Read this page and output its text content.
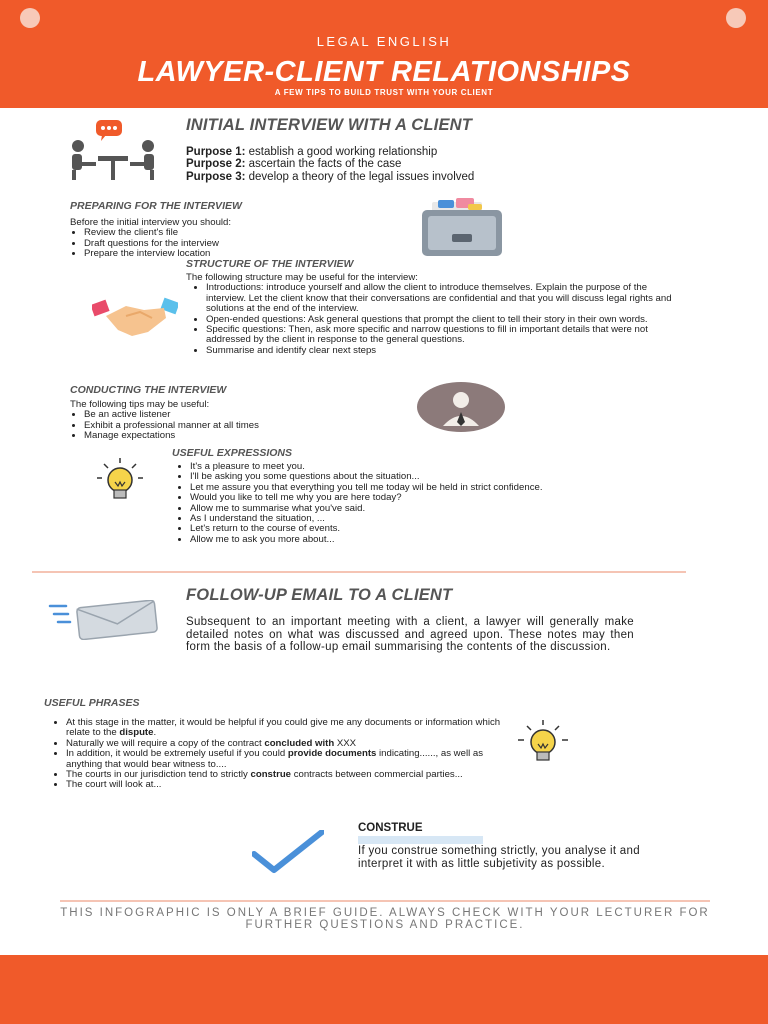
LEGAL ENGLISH
LAWYER-CLIENT RELATIONSHIPS
A FEW TIPS TO BUILD TRUST WITH YOUR CLIENT
INITIAL INTERVIEW WITH A CLIENT
Purpose 1: establish a good working relationship
Purpose 2: ascertain the facts of the case
Purpose 3: develop a theory of the legal issues involved
PREPARING FOR THE INTERVIEW
Before the initial interview you should:
• Review the client's file
• Draft questions for the interview
• Prepare the interview location
STRUCTURE OF THE INTERVIEW
The following structure may be useful for the interview:
• Introductions: introduce yourself and allow the client to introduce themselves. Explain the purpose of the interview. Let the client know that their conversations are confidential and that you will discuss legal rights and solutions at the end of the interview.
• Open-ended questions: Ask general questions that prompt the client to tell their story in their own words.
• Specific questions: Then, ask more specific and narrow questions to fill in important details that were not addressed by the client in response to the general questions.
• Summarise and identify clear next steps
CONDUCTING THE INTERVIEW
The following tips may be useful:
• Be an active listener
• Exhibit a professional manner at all times
• Manage expectations
USEFUL EXPRESSIONS
• It's a pleasure to meet you.
• I'll be asking you some questions about the situation...
• Let me assure you that everything you tell me today wil be held in strict confidence.
• Would you like to tell me why you are here today?
• Allow me to summarise what you've said.
• As I understand the situation, ...
• Let's return to the course of events.
• Allow me to ask you more about...
FOLLOW-UP EMAIL TO A CLIENT
Subsequent to an important meeting with a client, a lawyer will generally make detailed notes on what was discussed and agreed upon. These notes may then form the basis of a follow-up email summarising the contents of the discussion.
USEFUL PHRASES
• At this stage in the matter, it would be helpful if you could give me any documents or information which relate to the dispute.
• Naturally we will require a copy of the contract concluded with XXX
• In addition, it would be extremely useful if you could provide documents indicating......, as well as anything that would bear witness to....
• The courts in our jurisdiction tend to strictly construe contracts between commercial parties...
• The court will look at...
CONSTRUE
If you construe something strictly, you analyse it and interpret it with as little subjetivity as possible.
THIS INFOGRAPHIC IS ONLY A BRIEF GUIDE. ALWAYS CHECK WITH YOUR LECTURER FOR FURTHER QUESTIONS AND PRACTICE.
